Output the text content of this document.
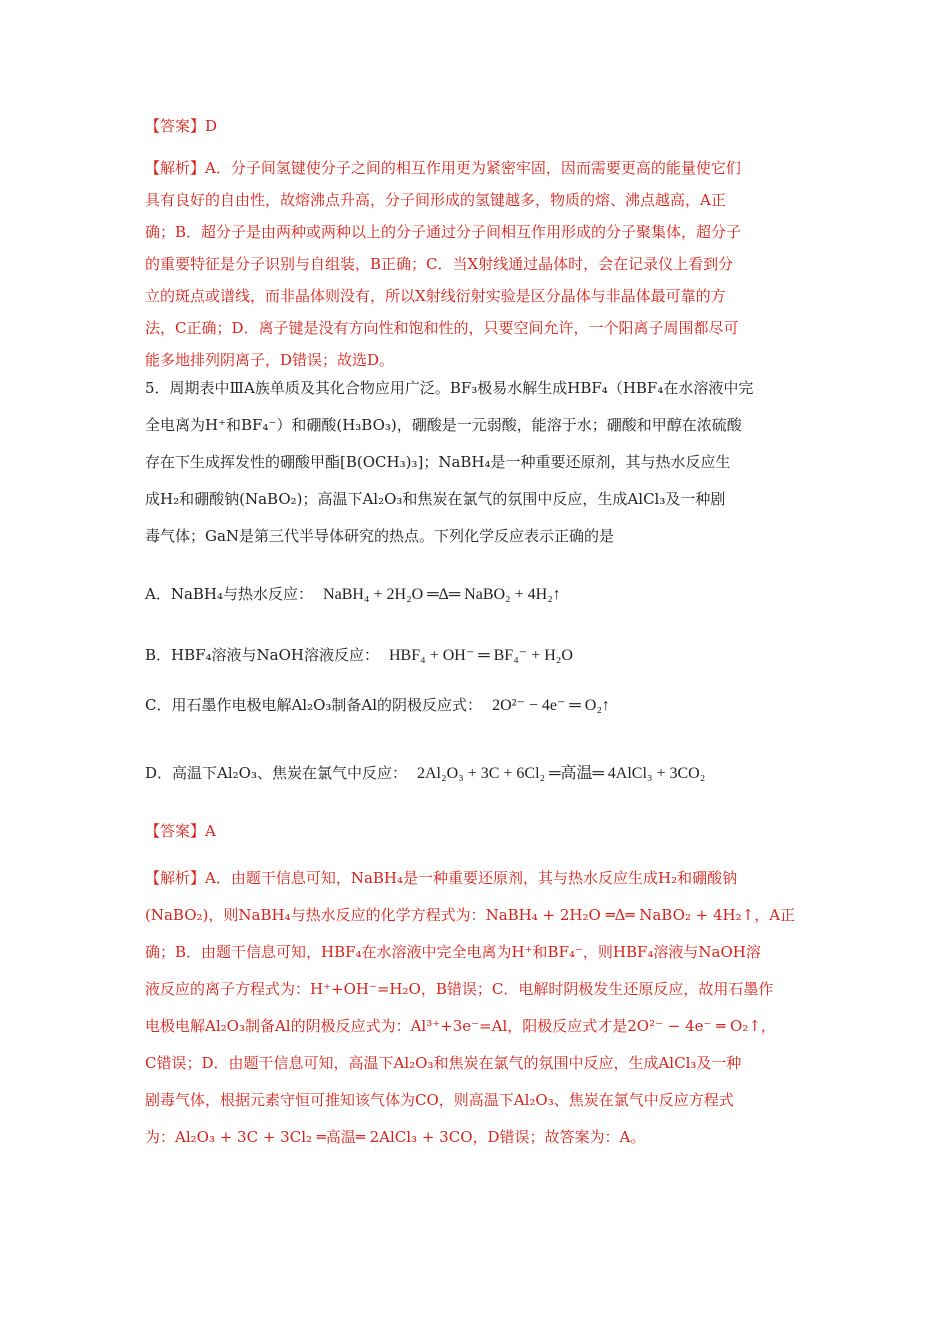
【答案】D
【解析】A．分子间氢键使分子之间的相互作用更为紧密牢固，因而需要更高的能量使它们
具有良好的自由性，故熔沸点升高，分子间形成的氢键越多，物质的熔、沸点越高，A正
确；B．超分子是由两种或两种以上的分子通过分子间相互作用形成的分子聚集体，超分子
的重要特征是分子识别与自组装，B正确；C．当X射线通过晶体时，会在记录仪上看到分
立的斑点或谱线，而非晶体则没有，所以X射线衍射实验是区分晶体与非晶体最可靠的方
法，C正确；D．离子键是没有方向性和饱和性的，只要空间允许，一个阳离子周围都尽可
能多地排列阴离子，D错误；故选D。
5．周期表中ⅢA族单质及其化合物应用广泛。BF₃极易水解生成HBF₄（HBF₄在水溶液中完
全电离为H⁺和BF₄⁻）和硼酸(H₃BO₃)，硼酸是一元弱酸，能溶于水；硼酸和甲醇在浓硫酸
存在下生成挥发性的硼酸甲酯[B(OCH₃)₃]；NaBH₄是一种重要还原剂，其与热水反应生
成H₂和硼酸钠(NaBO₂)；高温下Al₂O₃和焦炭在氯气的氛围中反应，生成AlCl₃及一种剧
毒气体；GaN是第三代半导体研究的热点。下列化学反应表示正确的是
A．NaBH₄与热水反应： NaBH₄ + 2H₂O ═Δ═ NaBO₂ + 4H₂↑
B．HBF₄溶液与NaOH溶液反应： HBF₄ + OH⁻ ═ BF₄⁻ + H₂O
C．用石墨作电极电解Al₂O₃制备Al的阴极反应式： 2O²⁻ − 4e⁻ ═ O₂↑
D．高温下Al₂O₃、焦炭在氯气中反应： 2Al₂O₃ + 3C + 6Cl₂ ═高温═ 4AlCl₃ + 3CO₂
【答案】A
【解析】A．由题干信息可知，NaBH₄是一种重要还原剂，其与热水反应生成H₂和硼酸钠
(NaBO₂)，则NaBH₄与热水反应的化学方程式为：NaBH₄ + 2H₂O ═Δ═ NaBO₂ + 4H₂↑，A正
确；B．由题干信息可知，HBF₄在水溶液中完全电离为H⁺和BF₄⁻，则HBF₄溶液与NaOH溶
液反应的离子方程式为：H⁺+OH⁻=H₂O，B错误；C．电解时阴极发生还原反应，故用石墨作
电极电解Al₂O₃制备Al的阴极反应式为：Al³⁺+3e⁻=Al，阳极反应式才是2O²⁻ − 4e⁻ ═ O₂↑，
C错误；D．由题干信息可知，高温下Al₂O₃和焦炭在氯气的氛围中反应，生成AlCl₃及一种
剧毒气体，根据元素守恒可推知该气体为CO，则高温下Al₂O₃、焦炭在氯气中反应方程式
为：Al₂O₃ + 3C + 3Cl₂ ═高温═ 2AlCl₃ + 3CO，D错误；故答案为：A。
